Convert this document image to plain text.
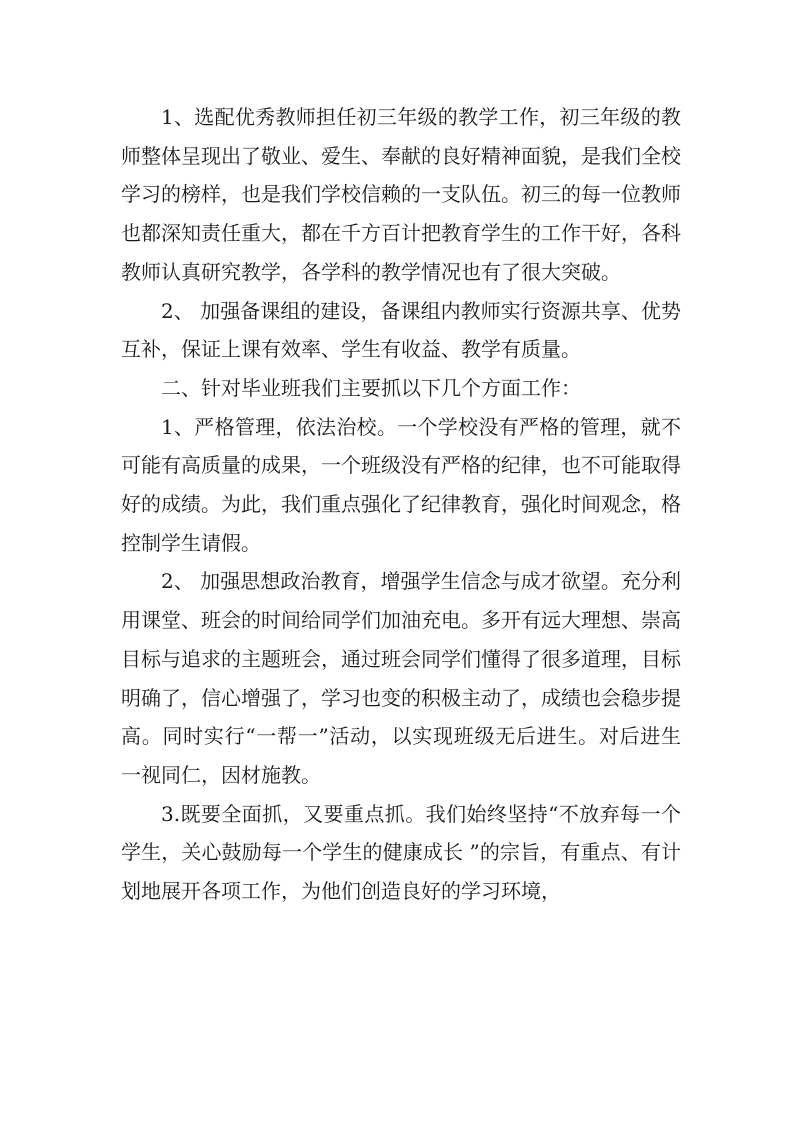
1、选配优秀教师担任初三年级的教学工作，初三年级的教师整体呈现出了敬业、爱生、奉献的良好精神面貌，是我们全校学习的榜样，也是我们学校信赖的一支队伍。初三的每一位教师也都深知责任重大，都在千方百计把教育学生的工作干好，各科教师认真研究教学，各学科的教学情况也有了很大突破。

2、 加强备课组的建设，备课组内教师实行资源共享、优势互补，保证上课有效率、学生有收益、教学有质量。

二、针对毕业班我们主要抓以下几个方面工作：

1、严格管理，依法治校。一个学校没有严格的管理，就不可能有高质量的成果，一个班级没有严格的纪律，也不可能取得好的成绩。为此，我们重点强化了纪律教育，强化时间观念，格控制学生请假。

2、 加强思想政治教育，增强学生信念与成才欲望。充分利用课堂、班会的时间给同学们加油充电。多开有远大理想、崇高目标与追求的主题班会，通过班会同学们懂得了很多道理，目标明确了，信心增强了，学习也变的积极主动了，成绩也会稳步提高。同时实行“一帮一”活动，以实现班级无后进生。对后进生一视同仁，因材施教。

3.既要全面抓，又要重点抓。我们始终坚持“不放弃每一个学生，关心鼓励每一个学生的健康成长 ”的宗旨，有重点、有计划地展开各项工作，为他们创造良好的学习环境，
